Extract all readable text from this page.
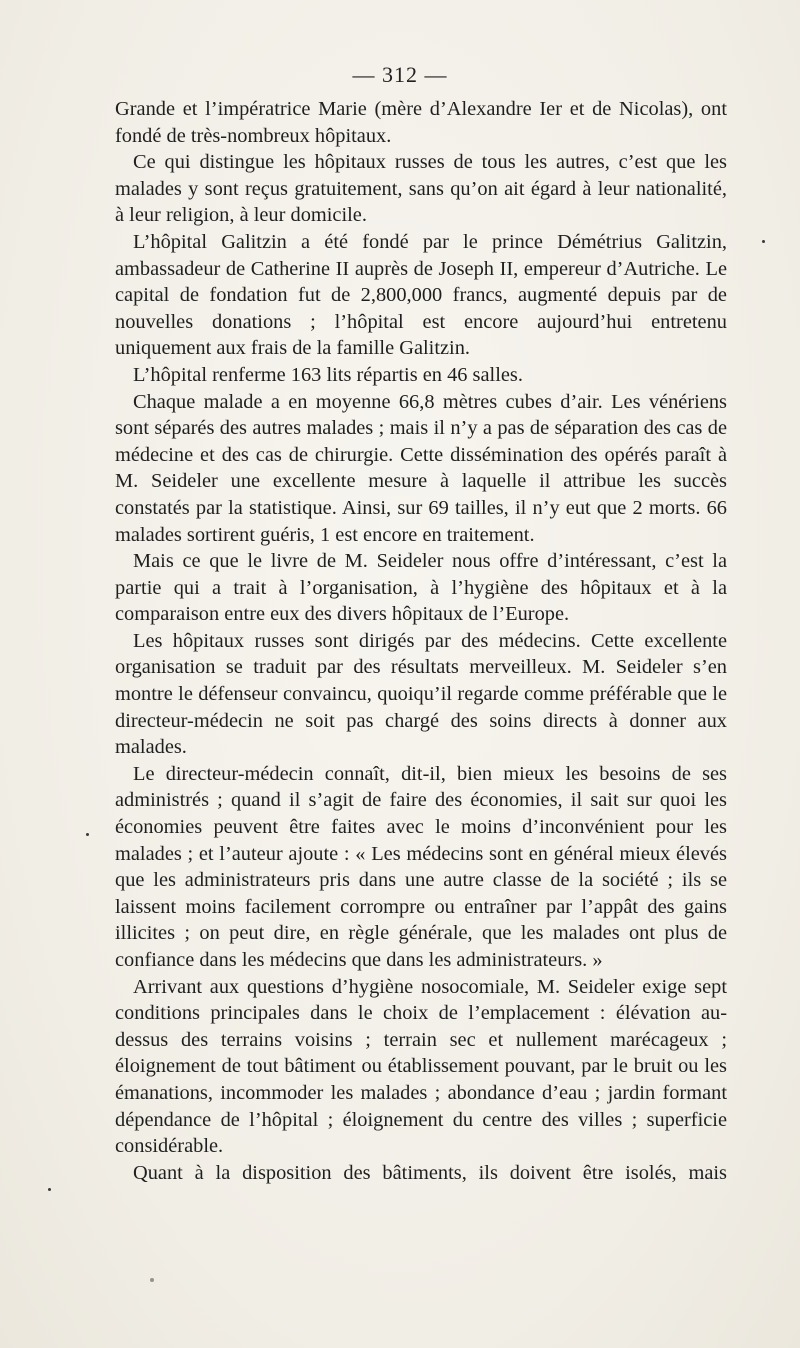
— 312 —

Grande et l’impératrice Marie (mère d’Alexandre Ier et de Nicolas), ont fondé de très-nombreux hôpitaux.

Ce qui distingue les hôpitaux russes de tous les autres, c’est que les malades y sont reçus gratuitement, sans qu’on ait égard à leur nationalité, à leur religion, à leur domicile.

L’hôpital Galitzin a été fondé par le prince Démétrius Galitzin, ambassadeur de Catherine II auprès de Joseph II, empereur d’Autriche. Le capital de fondation fut de 2,800,000 francs, augmenté depuis par de nouvelles donations ; l’hôpital est encore aujourd’hui entretenu uniquement aux frais de la famille Galitzin.

L’hôpital renferme 163 lits répartis en 46 salles.

Chaque malade a en moyenne 66,8 mètres cubes d’air. Les vénériens sont séparés des autres malades ; mais il n’y a pas de séparation des cas de médecine et des cas de chirurgie. Cette dissémination des opérés paraît à M. Seideler une excellente mesure à laquelle il attribue les succès constatés par la statistique. Ainsi, sur 69 tailles, il n’y eut que 2 morts. 66 malades sortirent guéris, 1 est encore en traitement.

Mais ce que le livre de M. Seideler nous offre d’intéressant, c’est la partie qui a trait à l’organisation, à l’hygiène des hôpitaux et à la comparaison entre eux des divers hôpitaux de l’Europe.

Les hôpitaux russes sont dirigés par des médecins. Cette excellente organisation se traduit par des résultats merveilleux. M. Seideler s’en montre le défenseur convaincu, quoiqu’il regarde comme préférable que le directeur-médecin ne soit pas chargé des soins directs à donner aux malades.

Le directeur-médecin connaît, dit-il, bien mieux les besoins de ses administrés ; quand il s’agit de faire des économies, il sait sur quoi les économies peuvent être faites avec le moins d’inconvénient pour les malades ; et l’auteur ajoute : « Les médecins sont en général mieux élevés que les administrateurs pris dans une autre classe de la société ; ils se laissent moins facilement corrompre ou entraîner par l’appât des gains illicites ; on peut dire, en règle générale, que les malades ont plus de confiance dans les médecins que dans les administrateurs. »

Arrivant aux questions d’hygiène nosocomiale, M. Seideler exige sept conditions principales dans le choix de l’emplacement : élévation au-dessus des terrains voisins ; terrain sec et nullement marécageux ; éloignement de tout bâtiment ou établissement pouvant, par le bruit ou les émanations, incommoder les malades ; abondance d’eau ; jardin formant dépendance de l’hôpital ; éloignement du centre des villes ; superficie considérable.

Quant à la disposition des bâtiments, ils doivent être isolés, mais
